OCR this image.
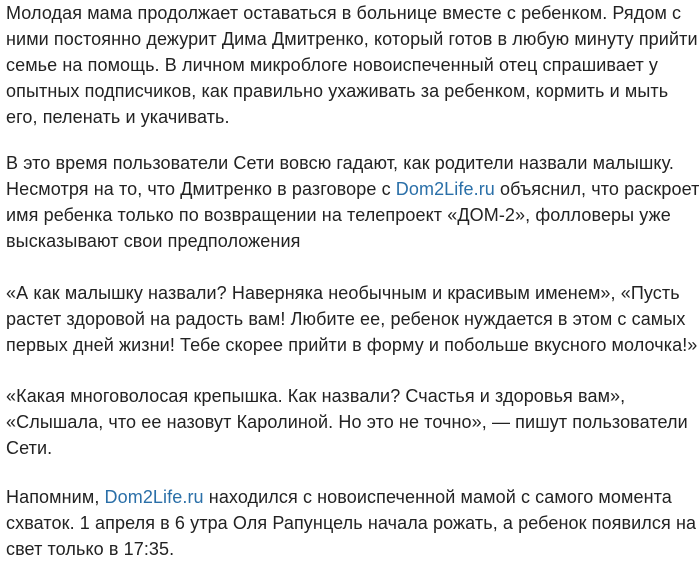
Молодая мама продолжает оставаться в больнице вместе с ребенком. Рядом с
ними постоянно дежурит Дима Дмитренко, который готов в любую минуту прийти
семье на помощь. В личном микроблоге новоиспеченный отец спрашивает у
опытных подписчиков, как правильно ухаживать за ребенком, кормить и мыть
его, пеленать и укачивать.

В это время пользователи Сети вовсю гадают, как родители назвали малышку.
Несмотря на то, что Дмитренко в разговоре с Dom2Life.ru объяснил, что раскроет
имя ребенка только по возвращении на телепроект «ДОМ-2», фолловеры уже
высказывают свои предположения

«А как малышку назвали? Наверняка необычным и красивым именем», «Пусть
растет здоровой на радость вам! Любите ее, ребенок нуждается в этом с самых
первых дней жизни! Тебе скорее прийти в форму и побольше вкусного молочка!»

«Какая многоволосая крепышка. Как назвали? Счастья и здоровья вам»,
«Слышала, что ее назовут Каролиной. Но это не точно», — пишут пользователи
Сети.

Напомним, Dom2Life.ru находился с новоиспеченной мамой с самого момента
схваток. 1 апреля в 6 утра Оля Рапунцель начала рожать, а ребенок появился на
свет только в 17:35.
